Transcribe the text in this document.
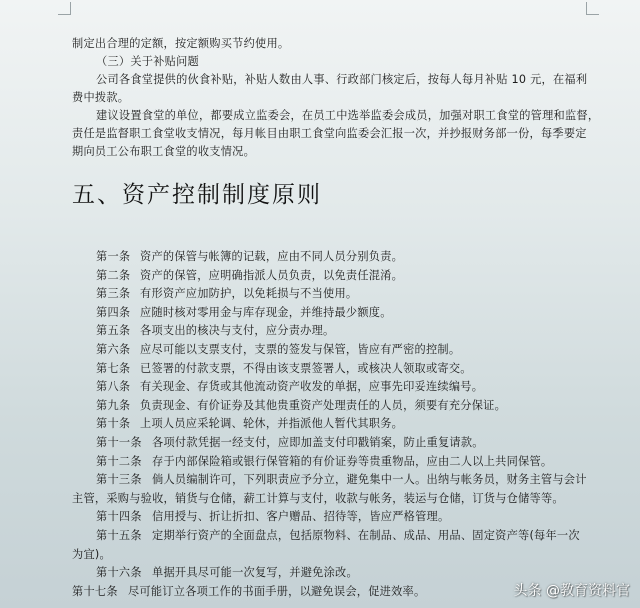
制定出合理的定额，按定额购买节约使用。
（三）关于补贴问题
公司各食堂提供的伙食补贴，补贴人数由人事、行政部门核定后，按每人每月补贴 10 元，在福利
费中拨款。
建议设置食堂的单位，都要成立监委会，在员工中选举监委会成员，加强对职工食堂的管理和监督，
责任是监督职工食堂收支情况，每月帐目由职工食堂向监委会汇报一次，并抄报财务部一份，每季要定
期向员工公布职工食堂的收支情况。
五、资产控制制度原则
第一条 资产的保管与帐簿的记载，应由不同人员分别负责。
第二条 资产的保管，应明确指派人员负责，以免责任混淆。
第三条 有形资产应加防护，以免耗损与不当使用。
第四条 应随时核对零用金与库存现金，并维持最少额度。
第五条 各项支出的核决与支付，应分责办理。
第六条 应尽可能以支票支付，支票的签发与保管，皆应有严密的控制。
第七条 已签署的付款支票，不得由该支票签署人，或核决人领取或寄交。
第八条 有关现金、存货或其他流动资产收发的单据，应事先印妥连续编号。
第九条 负责现金、有价证券及其他贵重资产处理责任的人员，须要有充分保证。
第十条 上项人员应采轮调、轮休，并指派他人暂代其职务。
第十一条 各项付款凭据一经支付，应即加盖支付印戳销案，防止重复请款。
第十二条 存于内部保险箱或银行保管箱的有价证券等贵重物品，应由二人以上共同保管。
第十三条 倘人员编制许可，下列职责应予分立，避免集中一人。出纳与帐务员，财务主管与会计
主管，采购与验收，销货与仓储，薪工计算与支付，收款与帐务，装运与仓储，订货与仓储等等。
第十四条 信用授与、折让折扣、客户赠品、招待等，皆应严格管理。
第十五条 定期举行资产的全面盘点，包括原物料、在制品、成品、用品、固定资产等(每年一次
为宜)。
第十六条 单据开具尽可能一次复写，并避免涂改。
第十七条 尽可能订立各项工作的书面手册，以避免误会，促进效率。	头条 @教育资料官
